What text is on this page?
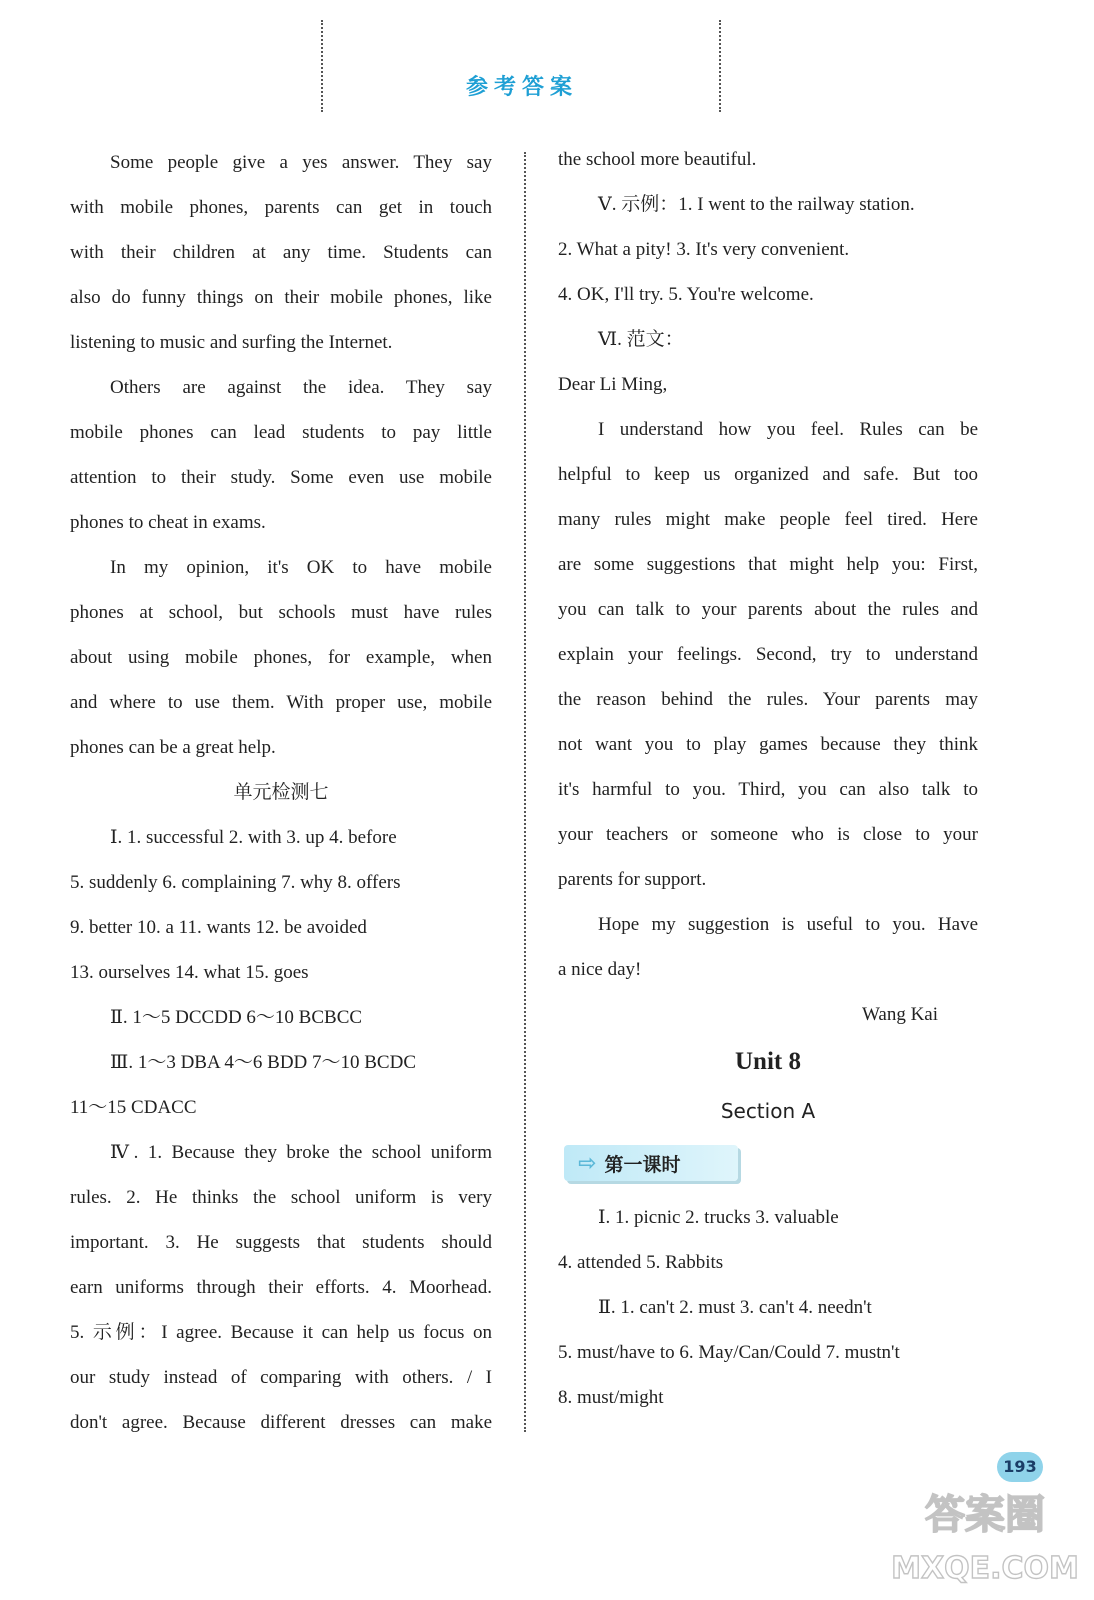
参考答案

Some people give a yes answer. They say

with mobile phones, parents can get in touch

with their children at any time. Students can

also do funny things on their mobile phones, like

listening to music and surfing the Internet.

Others are against the idea. They say

mobile phones can lead students to pay little

attention to their study. Some even use mobile

phones to cheat in exams.

In my opinion, it's OK to have mobile

phones at school, but schools must have rules

about using mobile phones, for example, when

and where to use them. With proper use, mobile

phones can be a great help.

单元检测七

Ⅰ. 1. successful 2. with 3. up 4. before

5. suddenly 6. complaining 7. why 8. offers

9. better 10. a 11. wants 12. be avoided

13. ourselves 14. what 15. goes

Ⅱ. 1～5 DCCDD 6～10 BCBCC

Ⅲ. 1～3 DBA 4～6 BDD 7～10 BCDC

11～15 CDACC

Ⅳ. 1. Because they broke the school uniform

rules. 2. He thinks the school uniform is very

important. 3. He suggests that students should

earn uniforms through their efforts. 4. Moorhead.

5. 示例：I agree. Because it can help us focus on

our study instead of comparing with others. / I

don't agree. Because different dresses can make

the school more beautiful.

Ⅴ. 示例：1. I went to the railway station.

2. What a pity! 3. It's very convenient.

4. OK, I'll try. 5. You're welcome.

Ⅵ. 范文：

Dear Li Ming,

I understand how you feel. Rules can be

helpful to keep us organized and safe. But too

many rules might make people feel tired. Here

are some suggestions that might help you: First,

you can talk to your parents about the rules and

explain your feelings. Second, try to understand

the reason behind the rules. Your parents may

not want you to play games because they think

it's harmful to you. Third, you can also talk to

your teachers or someone who is close to your

parents for support.

Hope my suggestion is useful to you. Have

a nice day!

Wang Kai

Unit 8
Section A
⇨ 第一课时

Ⅰ. 1. picnic 2. trucks 3. valuable

4. attended 5. Rabbits

Ⅱ. 1. can't 2. must 3. can't 4. needn't

5. must/have to 6. May/Can/Could 7. mustn't

8. must/might

193
答案圈
MXQE.COM
